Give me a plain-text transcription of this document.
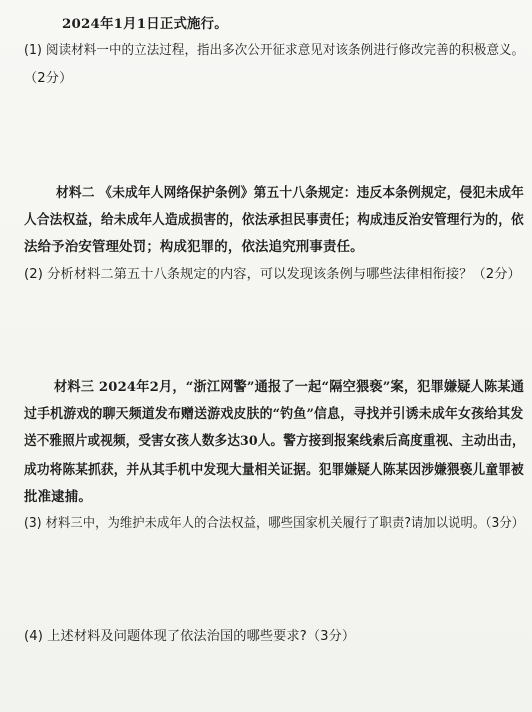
2024年1月1日正式施行。
(1) 阅读材料一中的立法过程，指出多次公开征求意见对该条例进行修改完善的积极意义。
（2分）
材料二 《未成年人网络保护条例》第五十八条规定：违反本条例规定，侵犯未成年
人合法权益，给未成年人造成损害的，依法承担民事责任；构成违反治安管理行为的，依
法给予治安管理处罚；构成犯罪的，依法追究刑事责任。
(2) 分析材料二第五十八条规定的内容，可以发现该条例与哪些法律相衔接？（2分）
材料三 2024年2月，“浙江网警”通报了一起“隔空猥亵”案，犯罪嫌疑人陈某通
过手机游戏的聊天频道发布赠送游戏皮肤的“钓鱼”信息，寻找并引诱未成年女孩给其发
送不雅照片或视频，受害女孩人数多达30人。警方接到报案线索后高度重视、主动出击，
成功将陈某抓获，并从其手机中发现大量相关证据。犯罪嫌疑人陈某因涉嫌猥亵儿童罪被
批准逮捕。
(3) 材料三中，为维护未成年人的合法权益，哪些国家机关履行了职责?请加以说明。（3分）
(4) 上述材料及问题体现了依法治国的哪些要求?（3分）
